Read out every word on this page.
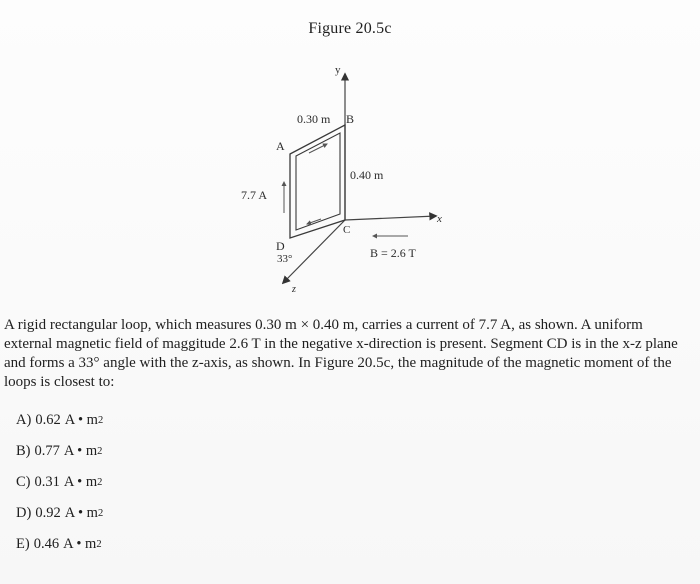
Figure 20.5c
y
x
z
0.30 m B
A
0.40 m
7.7 A
C
D
33°	B = 2.6 T
A rigid rectangular loop, which measures 0.30 m × 0.40 m, carries a current of 7.7 A, as shown. A uniform external magnetic field of maggitude 2.6 T in the negative x-direction is present. Segment CD is in the x-z plane and forms a 33° angle with the z-axis, as shown. In Figure 20.5c, the magnitude of the magnetic moment of the loops is closest to:
A) 0.62 A • m 2
B) 0.77 A • m 2
C) 0.31 A • m 2
D) 0.92 A • m 2
E) 0.46 A • m 2
